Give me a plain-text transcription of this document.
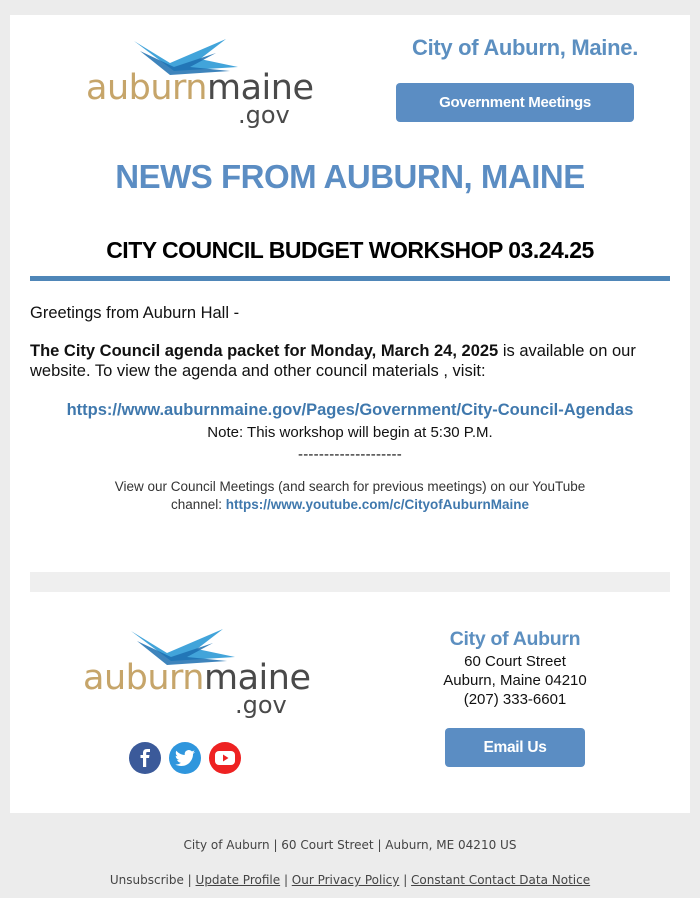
auburnmaine
.gov
City of Auburn, Maine.
Government Meetings
NEWS FROM AUBURN, MAINE
CITY COUNCIL BUDGET WORKSHOP 03.24.25
Greetings from Auburn Hall -
The City Council agenda packet for Monday, March 24, 2025 is available on our website. To view the agenda and other council materials , visit:
https://www.auburnmaine.gov/Pages/Government/City-Council-Agendas
Note: This workshop will begin at 5:30 P.M.
--------------------
View our Council Meetings (and search for previous meetings) on our YouTube channel: https://www.youtube.com/c/CityofAuburnMaine
auburnmaine
.gov
City of Auburn
60 Court Street
Auburn, Maine 04210
(207) 333-6601
Email Us
City of Auburn | 60 Court Street | Auburn, ME 04210 US
Unsubscribe | Update Profile | Our Privacy Policy | Constant Contact Data Notice
